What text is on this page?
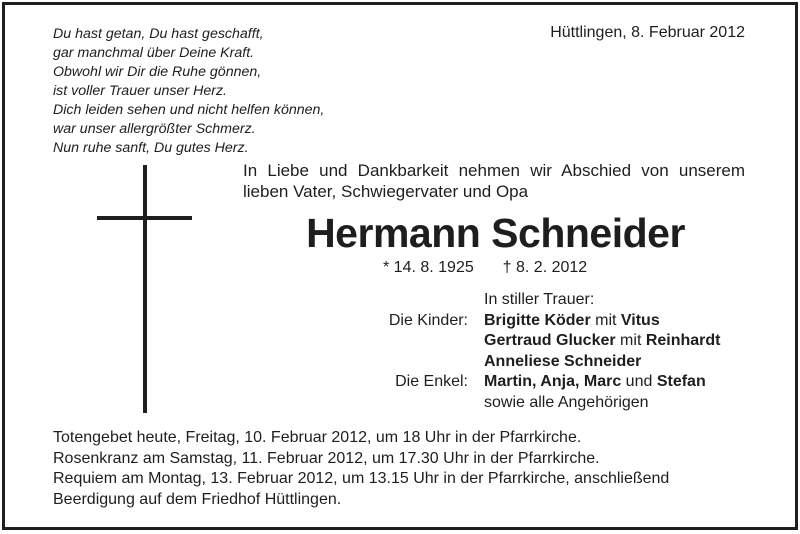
Du hast getan, Du hast geschafft,
gar manchmal über Deine Kraft.
Obwohl wir Dir die Ruhe gönnen,
ist voller Trauer unser Herz.
Dich leiden sehen und nicht helfen können,
war unser allergrößter Schmerz.
Nun ruhe sanft, Du gutes Herz.
Hüttlingen, 8. Februar 2012
In Liebe und Dankbarkeit nehmen wir Abschied von unserem
lieben Vater, Schwiegervater und Opa
Hermann Schneider
* 14. 8. 1925 † 8. 2. 2012
In stiller Trauer:
Die Kinder: Brigitte Köder mit Vitus
Gertraud Glucker mit Reinhardt
Anneliese Schneider
Die Enkel: Martin, Anja, Marc und Stefan
sowie alle Angehörigen
Totengebet heute, Freitag, 10. Februar 2012, um 18 Uhr in der Pfarrkirche.
Rosenkranz am Samstag, 11. Februar 2012, um 17.30 Uhr in der Pfarrkirche.
Requiem am Montag, 13. Februar 2012, um 13.15 Uhr in der Pfarrkirche, anschließend
Beerdigung auf dem Friedhof Hüttlingen.
